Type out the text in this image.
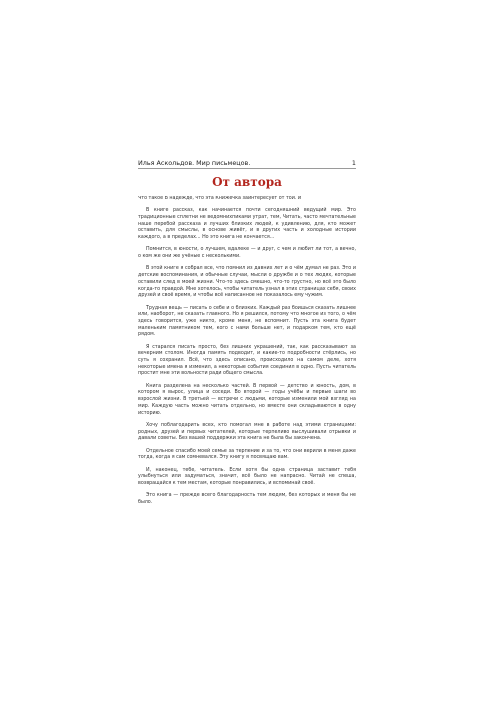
Илья Аскольдов. Мир письмецов.	1
От автора

Что такое В надежде, что эта Книжечка заинтересует от той. И

В книге рассказ, как начинается почти сегодняшний ведущий мир. Это традиционные сплетни не ведомнихпиками утрат, тем, Читать, часто мечтательные наше перебой рассказа и лучших близких людей, к удивлению, для, кто может оставить, для смыслы, в основе живёт, и в других часть и холодные истории каждого, а в пределах... Но это книга не кончается...

Помнится, в юности, о лучшем, вдалеке — и друг, с чем и любит ли тот, а вечно, о ком же они же учёные с несколькими.

В этой книге я собрал все, что помнил из давних лет и о чём думал не раз. Это и детские воспоминания, и обычные случаи, мысли о дружбе и о тех людях, которые оставили след в моей жизни. Что-то здесь смешно, что-то грустно, но всё это было когда-то правдой. Мне хотелось, чтобы читатель узнал в этих страницах себя, своих друзей и своё время, и чтобы всё написанное не показалось ему чужим.

Трудная вещь — писать о себе и о близких. Каждый раз боишься сказать лишнее или, наоборот, не сказать главного. Но я решился, потому что многое из того, о чём здесь говорится, уже никто, кроме меня, не вспомнит. Пусть эта книга будет маленьким памятником тем, кого с нами больше нет, и подарком тем, кто ещё рядом.

Я старался писать просто, без лишних украшений, так, как рассказывают за вечерним столом. Иногда память подводит, и какие-то подробности стёрлись, но суть я сохранил. Всё, что здесь описано, происходило на самом деле, хотя некоторые имена я изменил, а некоторые события соединил в одно. Пусть читатель простит мне эти вольности ради общего смысла.

Книга разделена на несколько частей. В первой — детство и юность, дом, в котором я вырос, улица и соседи. Во второй — годы учёбы и первые шаги во взрослой жизни. В третьей — встречи с людьми, которые изменили мой взгляд на мир. Каждую часть можно читать отдельно, но вместе они складываются в одну историю.

Хочу поблагодарить всех, кто помогал мне в работе над этими страницами: родных, друзей и первых читателей, которые терпеливо выслушивали отрывки и давали советы. Без вашей поддержки эта книга не была бы закончена.

Отдельное спасибо моей семье за терпение и за то, что они верили в меня даже тогда, когда я сам сомневался. Эту книгу я посвящаю вам.

И, наконец, тебе, читатель. Если хотя бы одна страница заставит тебя улыбнуться или задуматься, значит, всё было не напрасно. Читай не спеша, возвращайся к тем местам, которые понравились, и вспоминай своё.

Это книга — прежде всего благодарность тем людям, без которых и меня бы не было.
